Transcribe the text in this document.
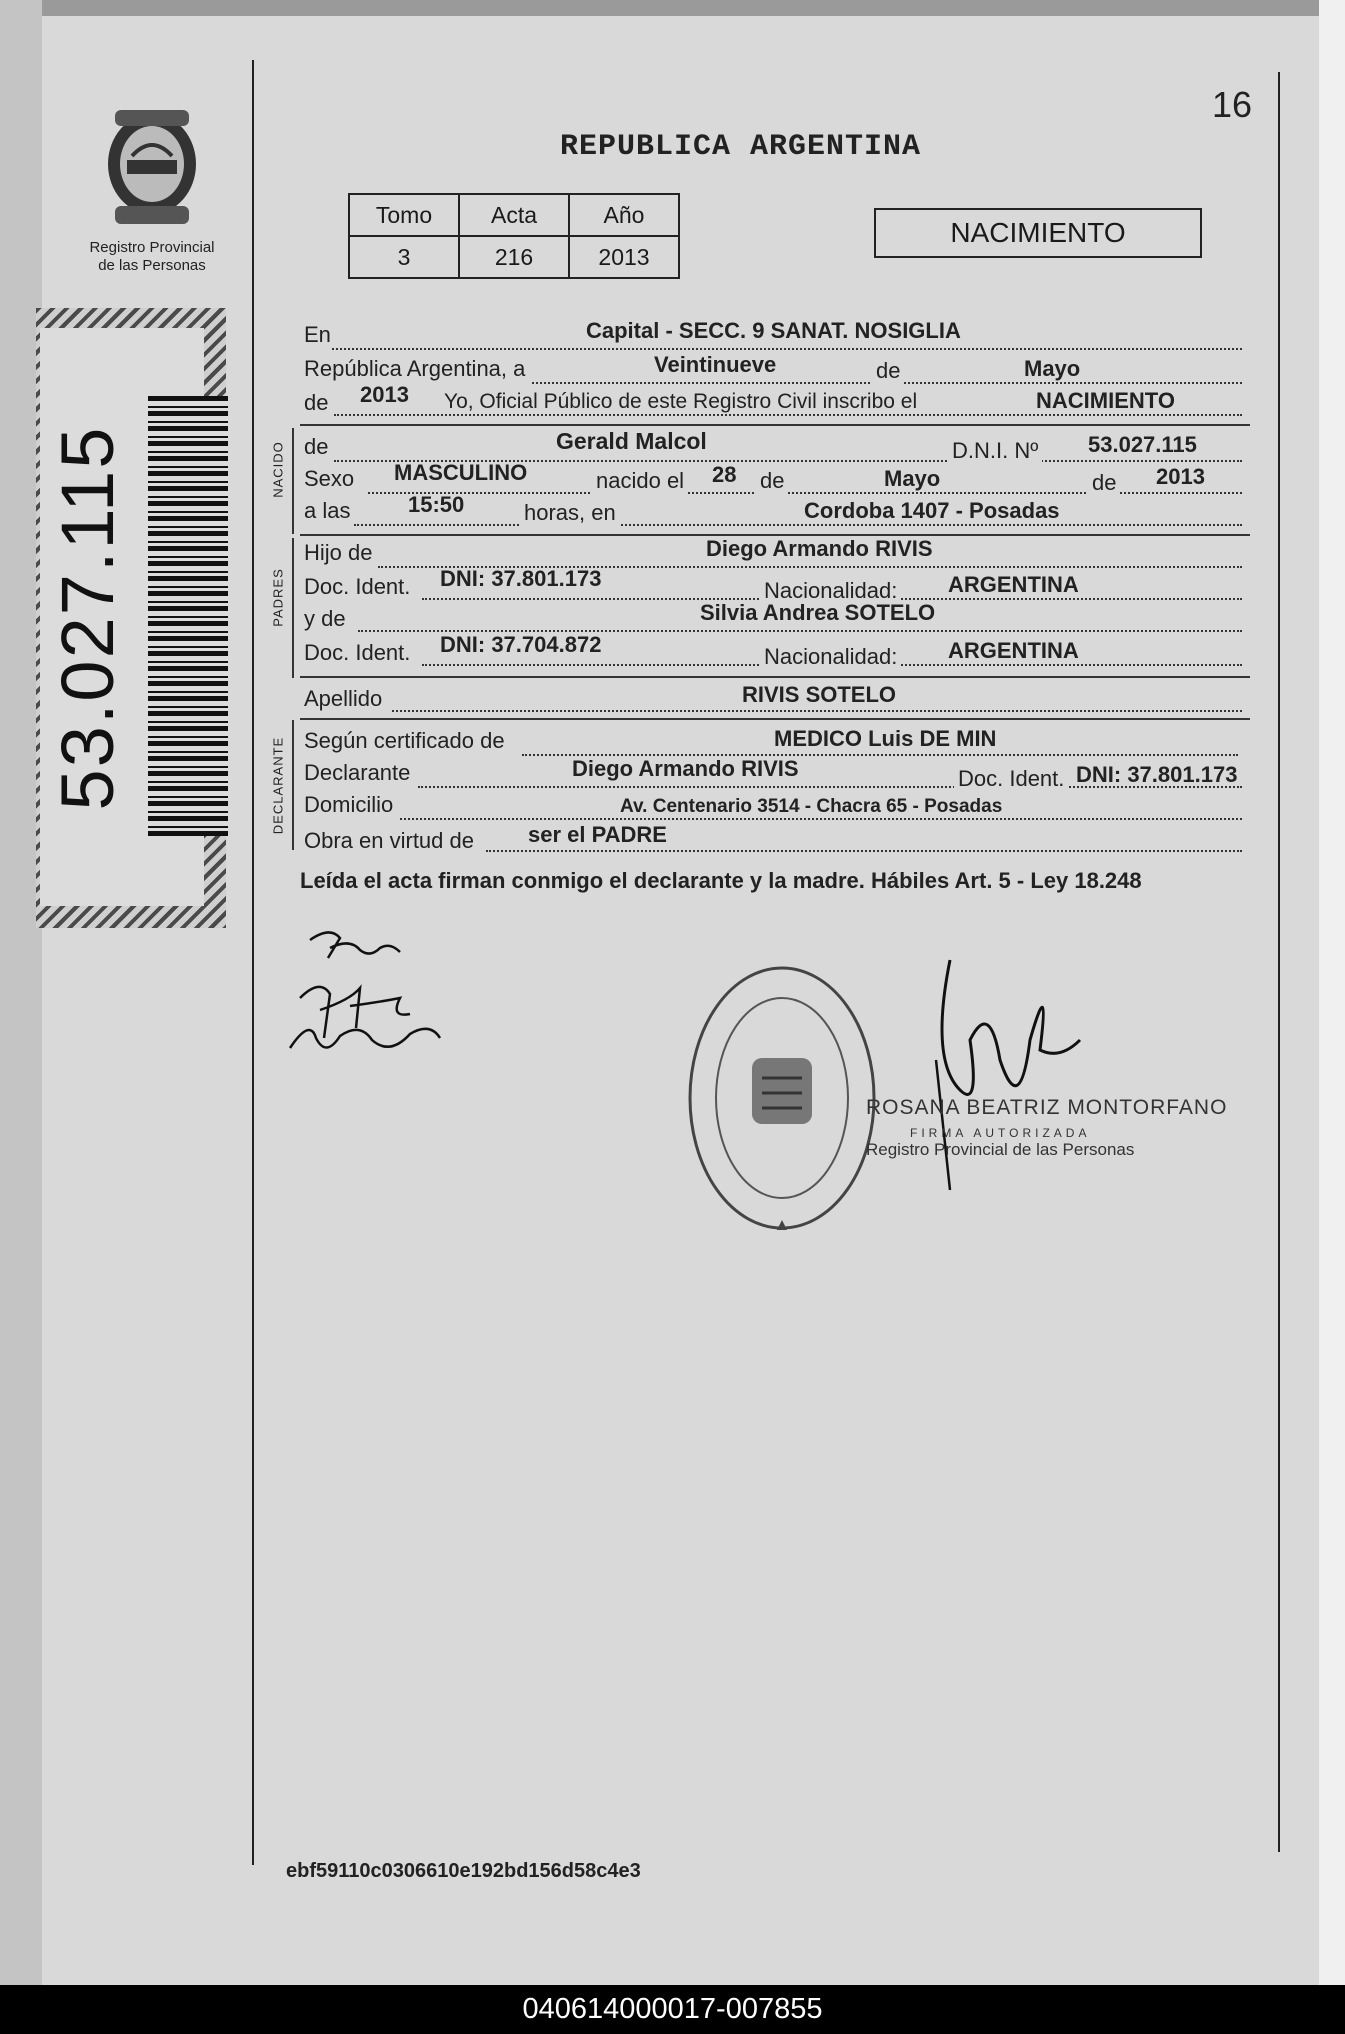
Registro Provincial
de las Personas
53.027.115
16
REPUBLICA ARGENTINA
Tomo	Acta	Año
3	216	2013
NACIMIENTO
NACIDO
PADRES
DECLARANTE
En	Capital - SECC. 9 SANAT. NOSIGLIA
República Argentina, a	Veintinueve	de	Mayo
de 2013 Yo, Oficial Público de este Registro Civil inscribo el	NACIMIENTO
de	Gerald Malcol	D.N.I. Nº 53.027.115
Sexo MASCULINO	nacido el 28 de	Mayo	de 2013
a las	15:50	horas, en	Cordoba 1407 - Posadas
Hijo de	Diego Armando RIVIS
Doc. Ident. DNI: 37.801.173	Nacionalidad: ARGENTINA
y de	Silvia Andrea SOTELO
Doc. Ident. DNI: 37.704.872	Nacionalidad: ARGENTINA
Apellido	RIVIS SOTELO
Según certificado de	MEDICO Luis DE MIN
Declarante	Diego Armando RIVIS	Doc. Ident. DNI: 37.801.173
Domicilio	Av. Centenario 3514 - Chacra 65 - Posadas
Obra en virtud de ser el PADRE
Leída el acta firman conmigo el declarante y la madre. Hábiles Art. 5 - Ley 18.248
ROSANA BEATRIZ MONTORFANO
FIRMA AUTORIZADA
Registro Provincial de las Personas
ebf59110c0306610e192bd156d58c4e3
040614000017-007855
